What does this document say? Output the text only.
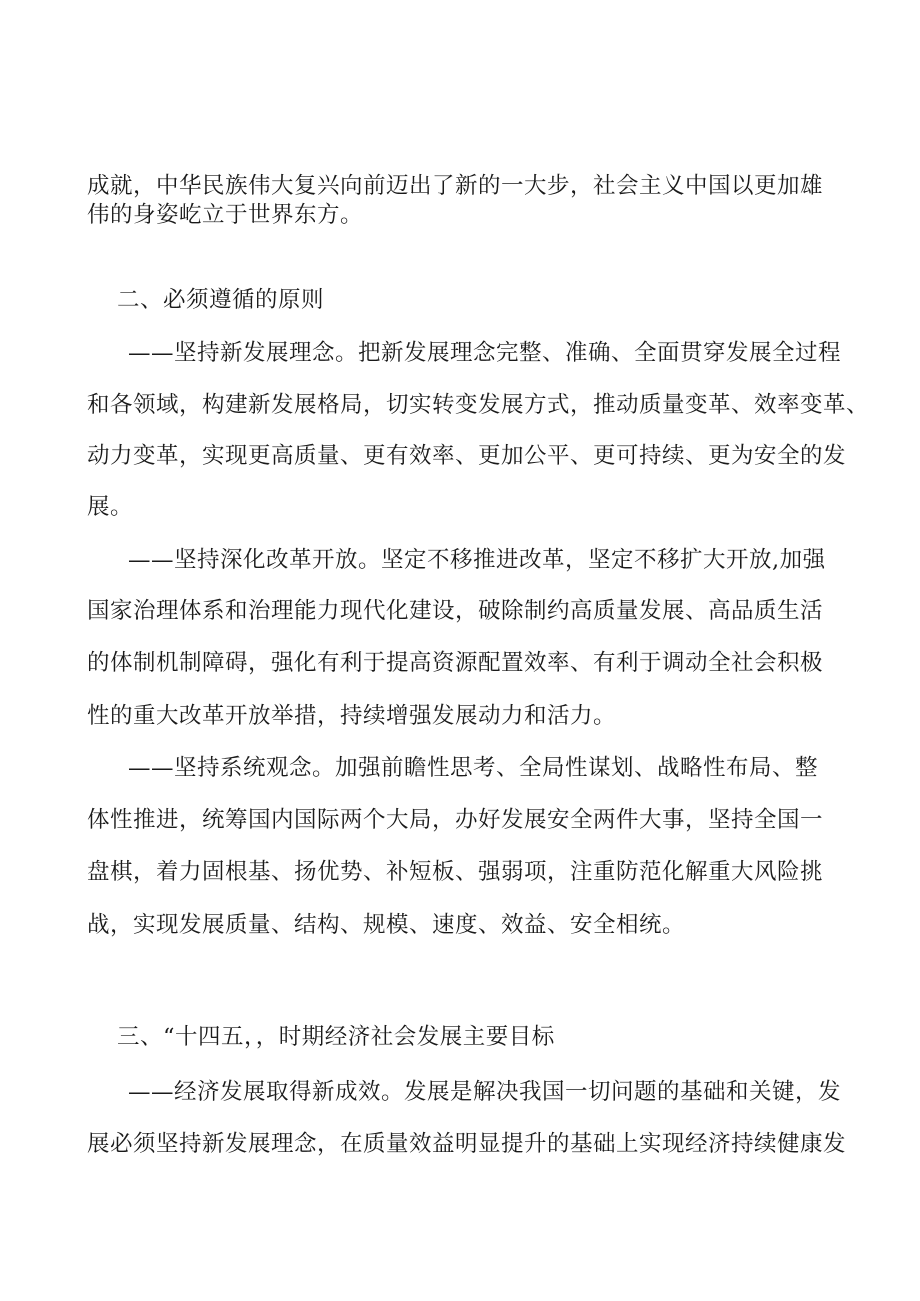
成就，中华民族伟大复兴向前迈出了新的一大步，社会主义中国以更加雄
伟的身姿屹立于世界东方。
二、必须遵循的原则
——坚持新发展理念。把新发展理念完整、准确、全面贯穿发展全过程
和各领域，构建新发展格局，切实转变发展方式，推动质量变革、效率变革、
动力变革，实现更高质量、更有效率、更加公平、更可持续、更为安全的发
展。
——坚持深化改革开放。坚定不移推进改革，坚定不移扩大开放,加强
国家治理体系和治理能力现代化建设，破除制约高质量发展、高品质生活
的体制机制障碍，强化有利于提高资源配置效率、有利于调动全社会积极
性的重大改革开放举措，持续增强发展动力和活力。
——坚持系统观念。加强前瞻性思考、全局性谋划、战略性布局、整
体性推进，统筹国内国际两个大局，办好发展安全两件大事，坚持全国一
盘棋，着力固根基、扬优势、补短板、强弱项，注重防范化解重大风险挑
战，实现发展质量、结构、规模、速度、效益、安全相统。
三、“十四五，，时期经济社会发展主要目标
——经济发展取得新成效。发展是解决我国一切问题的基础和关键，发
展必须坚持新发展理念，在质量效益明显提升的基础上实现经济持续健康发
